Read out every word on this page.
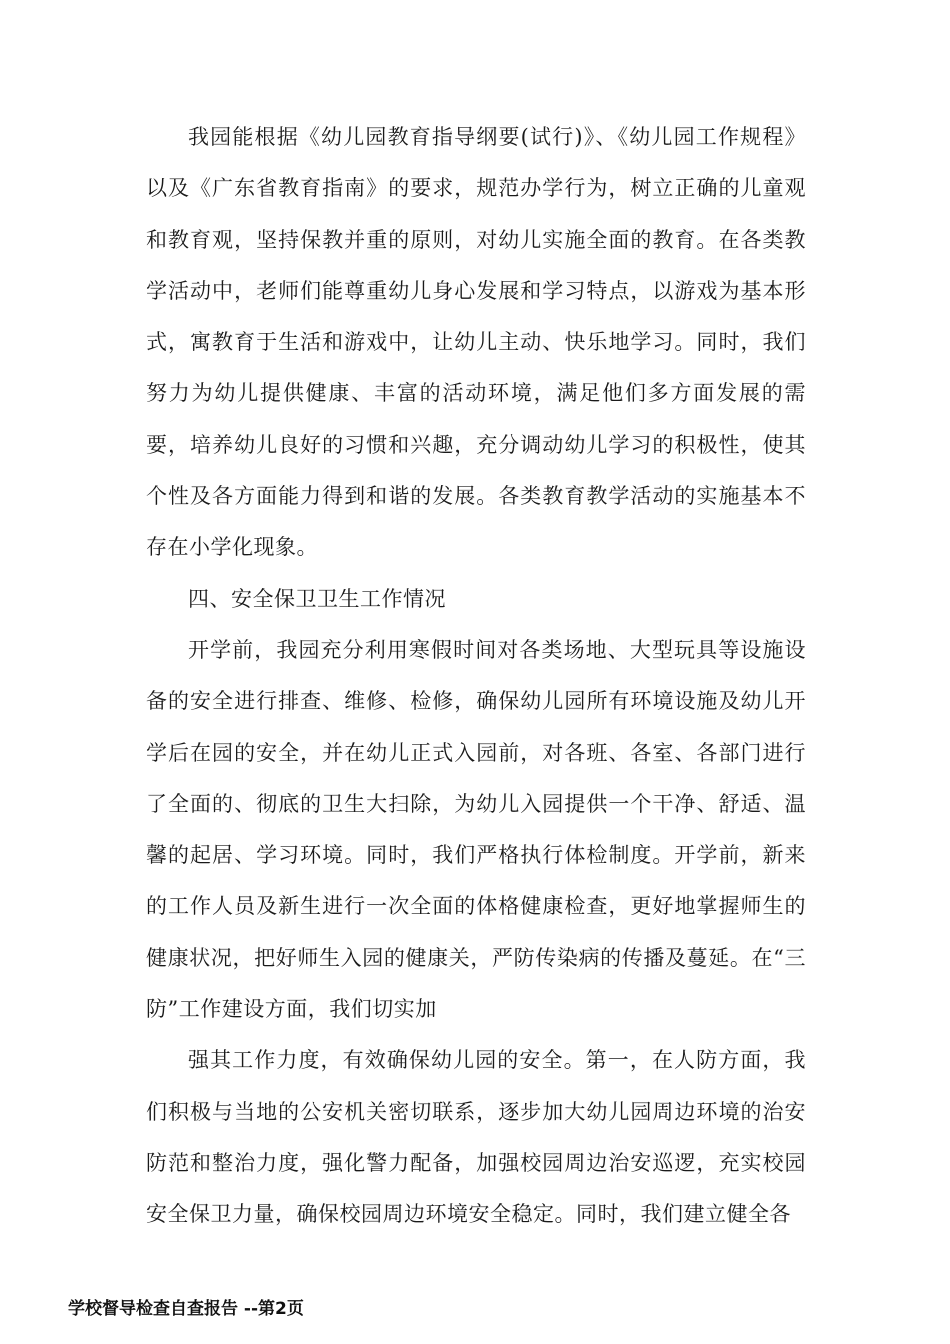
我园能根据《幼儿园教育指导纲要(试行)》、《幼儿园工作规程》以及《广东省教育指南》的要求，规范办学行为，树立正确的儿童观和教育观，坚持保教并重的原则，对幼儿实施全面的教育。在各类教学活动中，老师们能尊重幼儿身心发展和学习特点，以游戏为基本形式，寓教育于生活和游戏中，让幼儿主动、快乐地学习。同时，我们努力为幼儿提供健康、丰富的活动环境，满足他们多方面发展的需要，培养幼儿良好的习惯和兴趣，充分调动幼儿学习的积极性，使其个性及各方面能力得到和谐的发展。各类教育教学活动的实施基本不存在小学化现象。

四、安全保卫卫生工作情况

开学前，我园充分利用寒假时间对各类场地、大型玩具等设施设备的安全进行排查、维修、检修，确保幼儿园所有环境设施及幼儿开学后在园的安全，并在幼儿正式入园前，对各班、各室、各部门进行了全面的、彻底的卫生大扫除，为幼儿入园提供一个干净、舒适、温馨的起居、学习环境。同时，我们严格执行体检制度。开学前，新来的工作人员及新生进行一次全面的体格健康检查，更好地掌握师生的健康状况，把好师生入园的健康关，严防传染病的传播及蔓延。在“三防”工作建设方面，我们切实加

强其工作力度，有效确保幼儿园的安全。第一，在人防方面，我们积极与当地的公安机关密切联系，逐步加大幼儿园周边环境的治安防范和整治力度，强化警力配备，加强校园周边治安巡逻，充实校园安全保卫力量，确保校园周边环境安全稳定。同时，我们建立健全各

学校督导检查自查报告 --第2页
